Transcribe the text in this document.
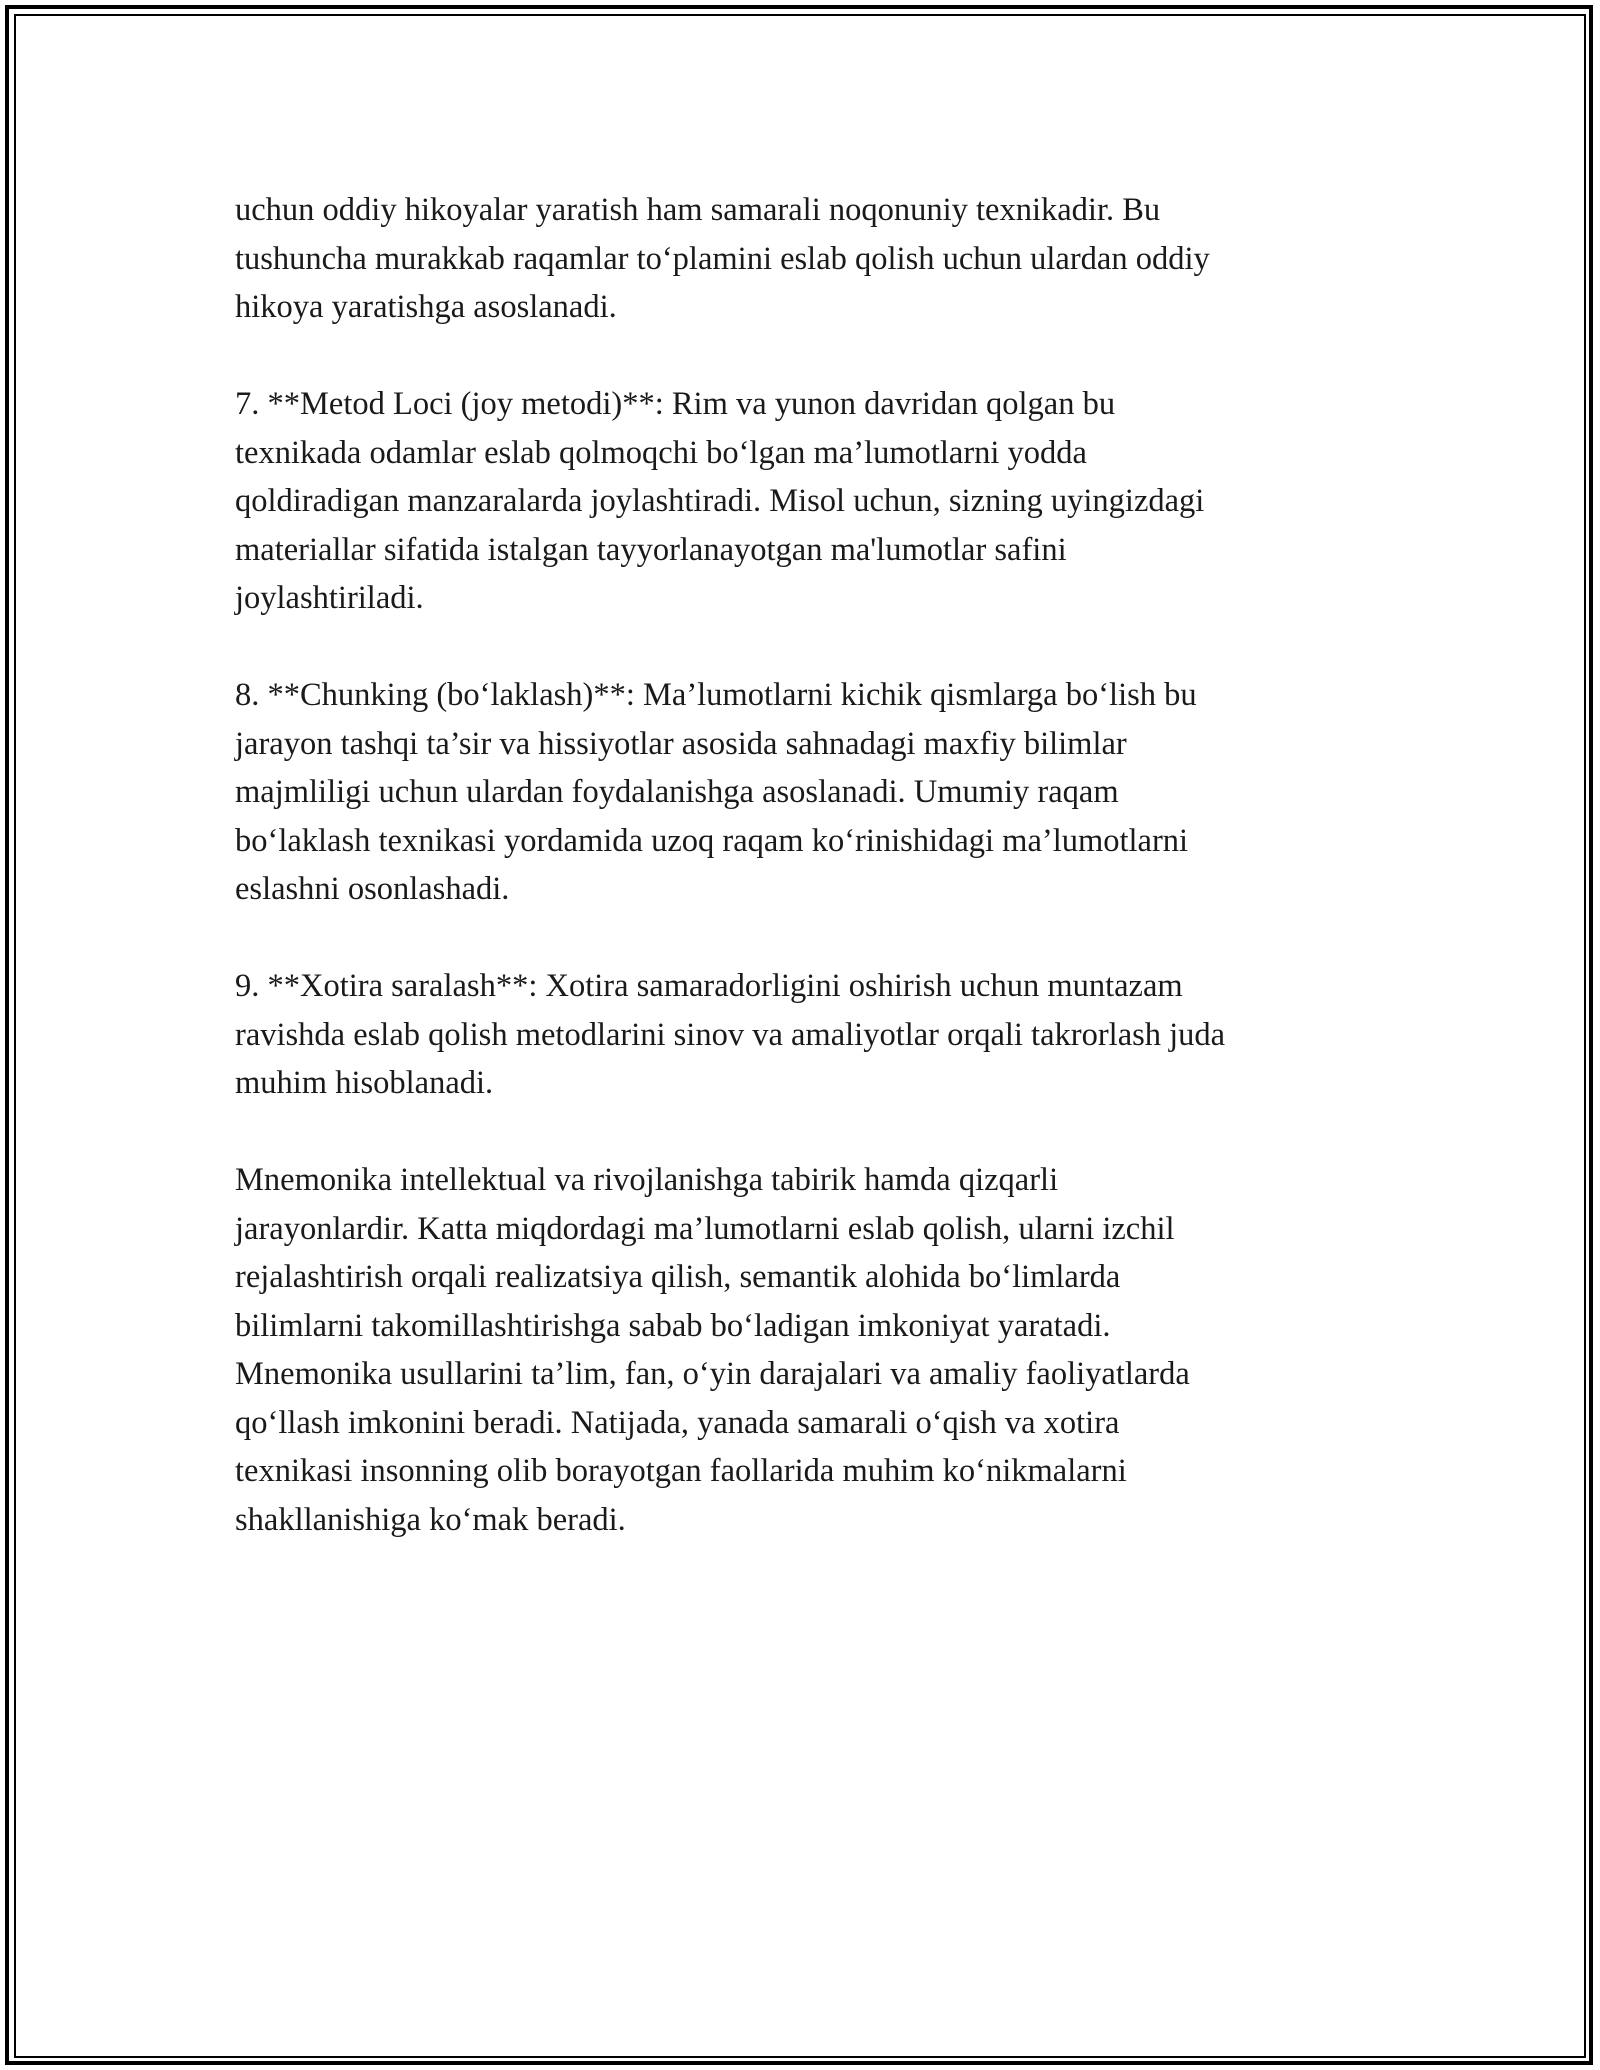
uchun oddiy hikoyalar yaratish ham samarali noqonuniy texnikadir. Bu
tushuncha murakkab raqamlar to‘plamini eslab qolish uchun ulardan oddiy
hikoya yaratishga asoslanadi.

7. **Metod Loci (joy metodi)**: Rim va yunon davridan qolgan bu
texnikada odamlar eslab qolmoqchi bo‘lgan ma’lumotlarni yodda
qoldiradigan manzaralarda joylashtiradi. Misol uchun, sizning uyingizdagi
materiallar sifatida istalgan tayyorlanayotgan ma'lumotlar safini
joylashtiriladi.

8. **Chunking (bo‘laklash)**: Ma’lumotlarni kichik qismlarga bo‘lish bu
jarayon tashqi ta’sir va hissiyotlar asosida sahnadagi maxfiy bilimlar
majmliligi uchun ulardan foydalanishga asoslanadi. Umumiy raqam
bo‘laklash texnikasi yordamida uzoq raqam ko‘rinishidagi ma’lumotlarni
eslashni osonlashadi.

9. **Xotira saralash**: Xotira samaradorligini oshirish uchun muntazam
ravishda eslab qolish metodlarini sinov va amaliyotlar orqali takrorlash juda
muhim hisoblanadi.

Mnemonika intellektual va rivojlanishga tabirik hamda qizqarli
jarayonlardir. Katta miqdordagi ma’lumotlarni eslab qolish, ularni izchil
rejalashtirish orqali realizatsiya qilish, semantik alohida bo‘limlarda
bilimlarni takomillashtirishga sabab bo‘ladigan imkoniyat yaratadi.
Mnemonika usullarini ta’lim, fan, o‘yin darajalari va amaliy faoliyatlarda
qo‘llash imkonini beradi. Natijada, yanada samarali o‘qish va xotira
texnikasi insonning olib borayotgan faollarida muhim ko‘nikmalarni
shakllanishiga ko‘mak beradi.
